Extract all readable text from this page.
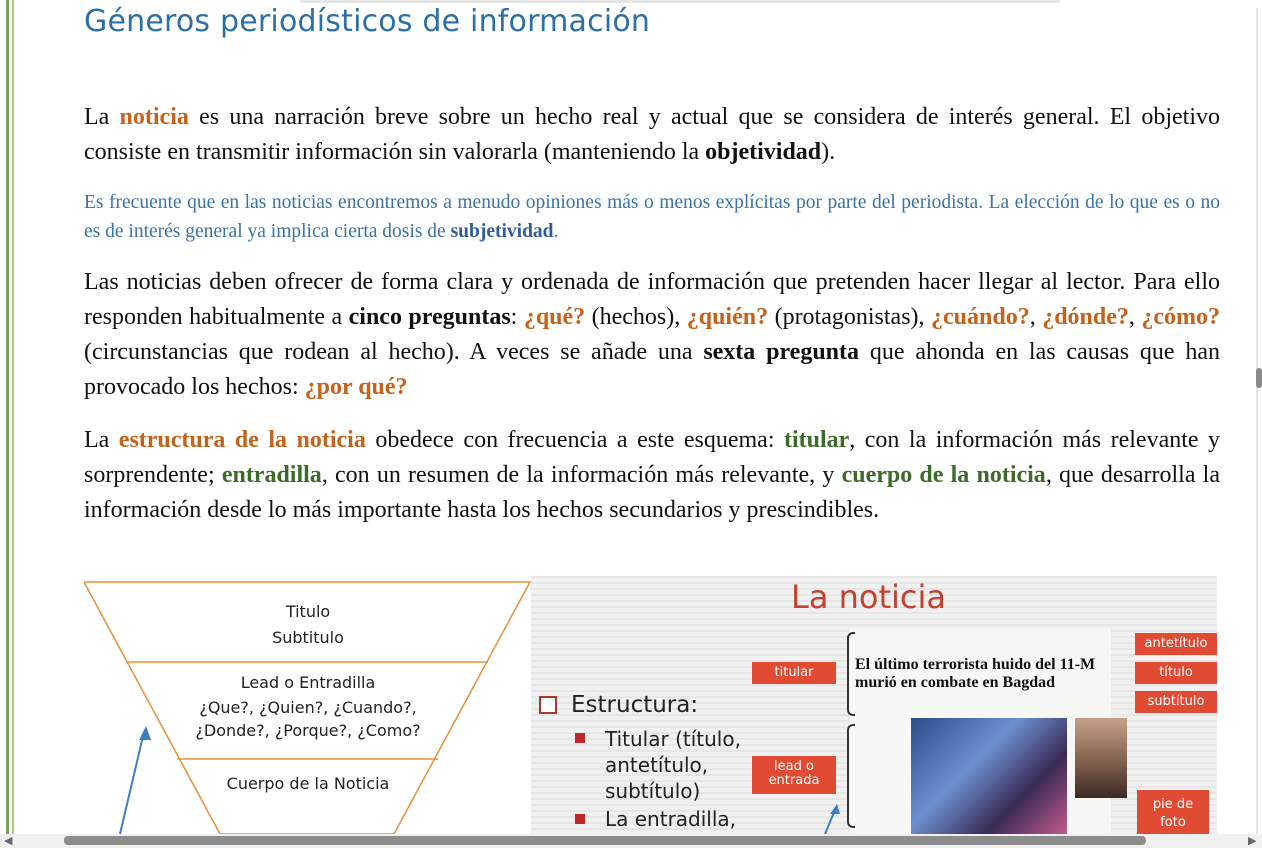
Géneros periodísticos de información

La noticia es una narración breve sobre un hecho real y actual que se considera de interés general. El objetivo consiste en transmitir información sin valorarla (manteniendo la objetividad).

Es frecuente que en las noticias encontremos a menudo opiniones más o menos explícitas por parte del periodista. La elección de lo que es o no es de interés general ya implica cierta dosis de subjetividad.

Las noticias deben ofrecer de forma clara y ordenada de información que pretenden hacer llegar al lector. Para ello responden habitualmente a cinco preguntas: ¿qué? (hechos), ¿quién? (protagonistas), ¿cuándo?, ¿dónde?, ¿cómo? (circunstancias que rodean al hecho). A veces se añade una sexta pregunta que ahonda en las causas que han provocado los hechos: ¿por qué?

La estructura de la noticia obedece con frecuencia a este esquema: titular, con la información más relevante y sorprendente; entradilla, con un resumen de la información más relevante, y cuerpo de la noticia, que desarrolla la información desde lo más importante hasta los hechos secundarios y prescindibles.

Titulo
Subtitulo
Lead o Entradilla
¿Que?, ¿Quien?, ¿Cuando?,
¿Donde?, ¿Porque?, ¿Como?
Cuerpo de la Noticia
La noticia
Estructura:
Titular (título,
antetítulo,
subtítulo)
La entradilla,
El último terrorista huido del 11-M
murió en combate en Bagdad
titular
lead o
entrada
antetítulo
título
subtítulo
pie de
foto
◀	▶
